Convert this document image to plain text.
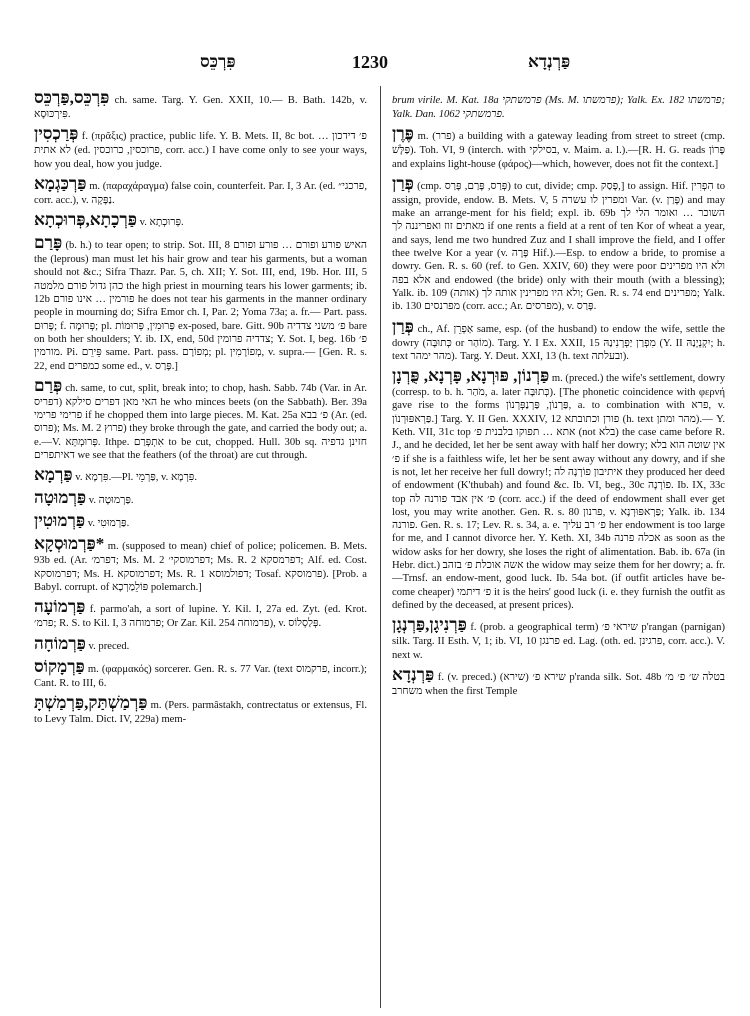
פִּרְכֵּס	1230	פַּרְנְדָא

פִּרְכֵּס,פַּרְכֵּס ch. same. Targ. Y. Gen. XXII, 10.— B. Bath. 142b, v. פִּירְכּוּסָא.

פְּרַכְסִין f. (πρᾶξις) practice, public life. Y. B. Mets. II, 8c bot. פ׳ דידכון … לא אתית (ed. פרוכסין, כרוכסין, corr. acc.) I have come only to see your ways, how you deal, how you judge.

פַּרְכַּגְמָא m. (παραχάραγμα) false coin, counterfeit. Par. I, 3 Ar. (ed. פרכגי״, corr. acc.), v. נַפָּקָה.

פַּרְכָתָא,פְּרוּכְתָא v. פְּרוּכְתָא.

פָּרַם (b. h.) to tear open; to strip. Sot. III, 8 האיש פורע ופורם … פורע ופורם the (leprous) man must let his hair grow and tear his garments, but a woman should not &c.; Sifra Thazr. Par. 5, ch. XII; Y. Sot. III, end, 19b. Hor. III, 5 כהן גדול פורם מלמטה the high priest in mourning tears his lower garments; ib. 12b פורמין … אינו פורם he does not tear his garments in the manner ordinary people in mourning do; Sifra Emor ch. I, Par. 2; Yoma 73a; a. fr.— Part. pass. פָּרוּם; f. פְּרוּמָה; pl. פְּרוּמִין, פְּרוּמוֹת ex-posed, bare. Gitt. 90b פ׳ משני צדדיה bare on both her shoulders; Y. ib. IX, end, 50d צדדיה פרומין; Y. Sot. I, beg. 16b פ׳ מורמין. Pi. פֵּירֵם same. Part. pass. מְפוֹרָם; pl. מְפוֹרָמִין, v. supra.— [Gen. R. s. 22, end כמפרים some ed., v. פָּרַס.]

פְּרַם ch. same, to cut, split, break into; to chop, hash. Sabb. 74b (Var. in Ar. דפריס) האי מאן דפרים סילקא he who minces beets (on the Sabbath). Ber. 39a פרימי פרימי if he chopped them into large pieces. M. Kat. 25a פ׳ בבא (Ar. (ed. פרוס); Ms. M. 2 פרוץ) they broke through the gate, and carried the body out; a. e.—V. פְּרוּמְתָּא. Ithpe. אִתְפְּרַם to be cut, chopped. Hull. 30b sq. חזינן גדפיה דאיתפרים we see that the feathers (of the throat) are cut through.

פַּרְמָא v. פִּרְמָא.—Pl. פַּרְמֵי, v. פִּרְמָא.

פַּרְמוּטָה v. פַּרְמוּטָה.

פַּרְמוּטִין v. פַּרְמוּטִי.

פַּרְמוּסְקָא* m. (supposed to mean) chief of police; policemen. B. Mets. 93b ed. (Ar. דפרמ׳; Ms. M. 2 דפרמוסקי׳; Ms. R. 2 דפרמסקא; Alf. ed. Cost. דפרמוסקא; Ms. H. דפרמוסקא; Ms. R. 1 דפולמוסא; Tosaf. פרמוסקא). [Prob. a Babyl. corrupt. of פּוֹלֵמַרְכָא polemarch.]

פַּרְמוֹעָה f. parmo'ah, a sort of lupine. Y. Kil. I, 27a ed. Zyt. (ed. Krot. פרמ׳; R. S. to Kil. I, 3 פרמוחה; Or Zar. Kil. 254 פרמוחה), v. פְּלַסְלוֹס.

פַּרְמוֹחָה v. preced.

פַּרְמָקוֹס m. (φαρμακός) sorcerer. Gen. R. s. 77 Var. (text פרקמוס, incorr.); Cant. R. to III, 6.

פַּרְמַשְׁתַּק,פַּרְמַשְׁתָּ m. (Pers. parmâstakh, contrectatus or extensus, Fl. to Levy Talm. Dict. IV, 229a) mem-

brum virile. M. Kat. 18a פרמשתקי (Ms. M. פרמשתו); Yalk. Ex. 182 פרמשתו; Yalk. Dan. 1062 פרמשתקי.

פֶּרֶן m. (פרר) a building with a gateway leading from street to street (cmp. פַּלָּשׁ). Toh. VI, 9 (interch. with בסילקי, v. Maim. a. l.).—[R. H. G. reads פָּרוֹן and explains light-house (φάρος)—which, however, does not fit the context.]

פְּרַן (cmp. פְּרַס, פָּרַם, פָּרַס) to cut, divide; cmp. פָּסַק,] to assign. Hif. הִפְרִין to assign, provide, endow. B. Mets. V, 5 ומפרין לו עשרה Var. (v. פָּרַן) and may make an arrange-ment for his field; expl. ib. 69b השוכר … ואומר הלי לך מאתים זוז ואפריננה לך if one rents a field at a rent of ten Kor of wheat a year, and says, lend me two hundred Zuz and I shall improve the field, and I offer thee twelve Kor a year (v. פָּרָה Hif.).—Esp. to endow a bride, to promise a dowry. Gen. R. s. 60 (ref. to Gen. XXIV, 60) they were poor ולא היו מפרינים אלא בפה and endowed (the bride) only with their mouth (with a blessing); Yalk. ib. 109 (אותה) ולא היו מפרינין אותה לך; Gen. R. s. 74 end מפרינים; Yalk. ib. 130 מפרנסים (corr. acc.; Ar. מפרסים), v. פָּרַס.

פְּרַן ch., Af. אַפְרֵן same, esp. (of the husband) to endow the wife, settle the dowry (כְּתוּבָּה or מוֹהַר). Targ. Y. I Ex. XXII, 15 מִפְרַן יַפְרְנִינַהּ (Y. II יִקְנְיָנַהּ; h. text מהר ימהר). Targ. Y. Deut. XXI, 13 (h. text ובעלתה).

פַּרְנוֹן, פּוּרְנָא, פָּרְנָא, פֻּרְנָן m. (preced.) the wife's settlement, dowry (corresp. to b. h. מֹהַר, a. later כְּתוּבָּה). [The phonetic coincidence with φερνή gave rise to the forms פַּרְנוֹן, פַּרְנַפְּרְנוֹן, a. to combination with פרא, v. פַּרְאפּוּרְנוֹן.] Targ. Y. II Gen. XXXIV, 12 פורן וכתובתא (h. text מהר ומתן).— Y. Keth. VII, 31c top אתא … תפוקו בלבנית פ׳ (not בלא) the case came before R. J., and he decided, let her be sent away with half her dowry; אין שוטה הוא בלא פ׳ if she is a faithless wife, let her be sent away without any dowry, and if she is not, let her receive her full dowry!; איתיבון פוֹרְנָה לה they produced her deed of endowment (K'thubah) and found &c. Ib. VI, beg., 30c פוֹרְנָה. Ib. IX, 33c top פ׳ אין אבד פורנה לה (corr. acc.) if the deed of endowment shall ever get lost, you may write another. Gen. R. s. 80 פרנון, v. פַּרְאפּוּרְנָא; Yalk. ib. 134 פורנה. Gen. R. s. 17; Lev. R. s. 34, a. e. פ׳ רב עליך her endowment is too large for me, and I cannot divorce her. Y. Keth. XI, 34b אכלה פרנה as soon as the widow asks for her dowry, she loses the right of alimentation. Bab. ib. 67a (in Hebr. dict.) אשה אוכלת פ׳ בזהב the widow may seize them for her dowry; a. fr.—Trnsf. an endow-ment, good luck. Ib. 54a bot. (if outfit articles have be-come cheaper) פ׳ דיתמי it is the heirs' good luck (i. e. they furnish the outfit as defined by the deceased, at present prices).

פַּרְנִיגָן,פַּרְנְגָן f. (prob. a geographical term) שיראי פ׳ p'rangan (parnigan) silk. Targ. II Esth. V, 1; ib. VI, 10 פרנגן ed. Lag. (oth. ed. פרגינן, corr. acc.). V. next w.

פַּרְנְדָא f. (v. preced.) (שירא) שירא פ׳ p'randa silk. Sot. 48b בטלה ש׳ פ׳ מ׳ משחרב when the first Temple
